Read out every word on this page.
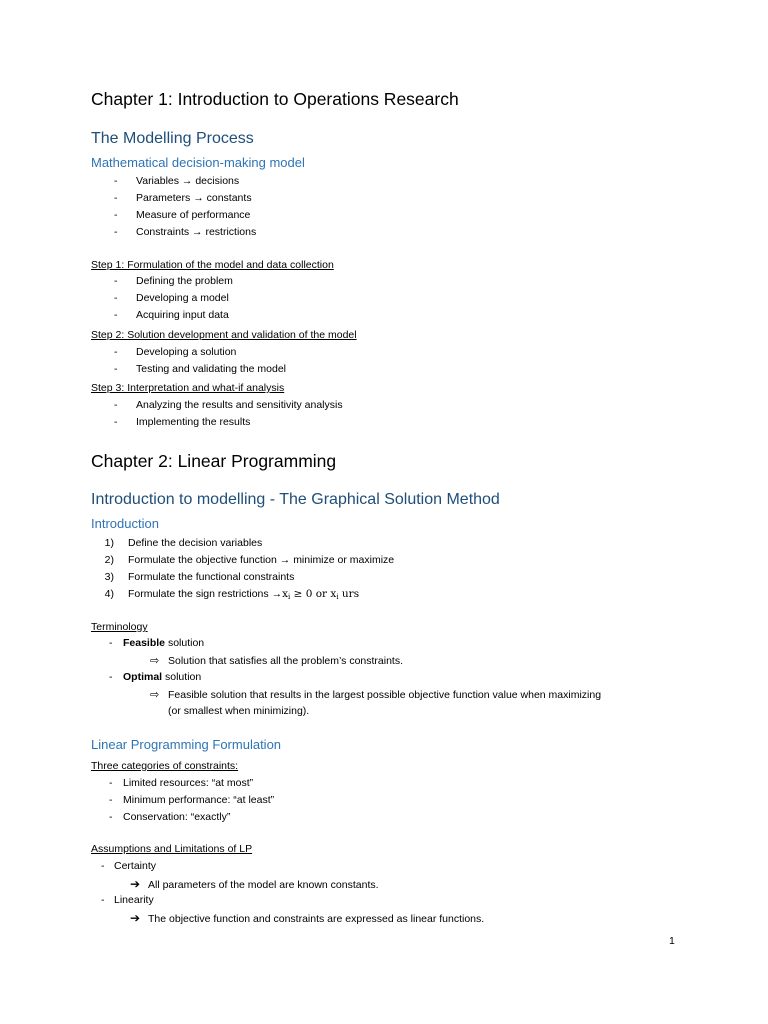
Chapter 1: Introduction to Operations Research
The Modelling Process
Mathematical decision-making model
- Variables → decisions
- Parameters → constants
- Measure of performance
- Constraints → restrictions
Step 1: Formulation of the model and data collection
- Defining the problem
- Developing a model
- Acquiring input data
Step 2: Solution development and validation of the model
- Developing a solution
- Testing and validating the model
Step 3: Interpretation and what-if analysis
- Analyzing the results and sensitivity analysis
- Implementing the results
Chapter 2: Linear Programming
Introduction to modelling - The Graphical Solution Method
Introduction
1) Define the decision variables
2) Formulate the objective function → minimize or maximize
3) Formulate the functional constraints
4) Formulate the sign restrictions $\to x_i \ge 0$ or $x_i$ urs
Terminology
- Feasible solution
⇨ Solution that satisfies all the problem’s constraints.
- Optimal solution
⇨ Feasible solution that results in the largest possible objective function value when maximizing
(or smallest when minimizing).
Linear Programming Formulation
Three categories of constraints:
- Limited resources: “at most”
- Minimum performance: “at least”
- Conservation: “exactly”
Assumptions and Limitations of LP
- Certainty
➔ All parameters of the model are known constants.
- Linearity
➔ The objective function and constraints are expressed as linear functions.
1
